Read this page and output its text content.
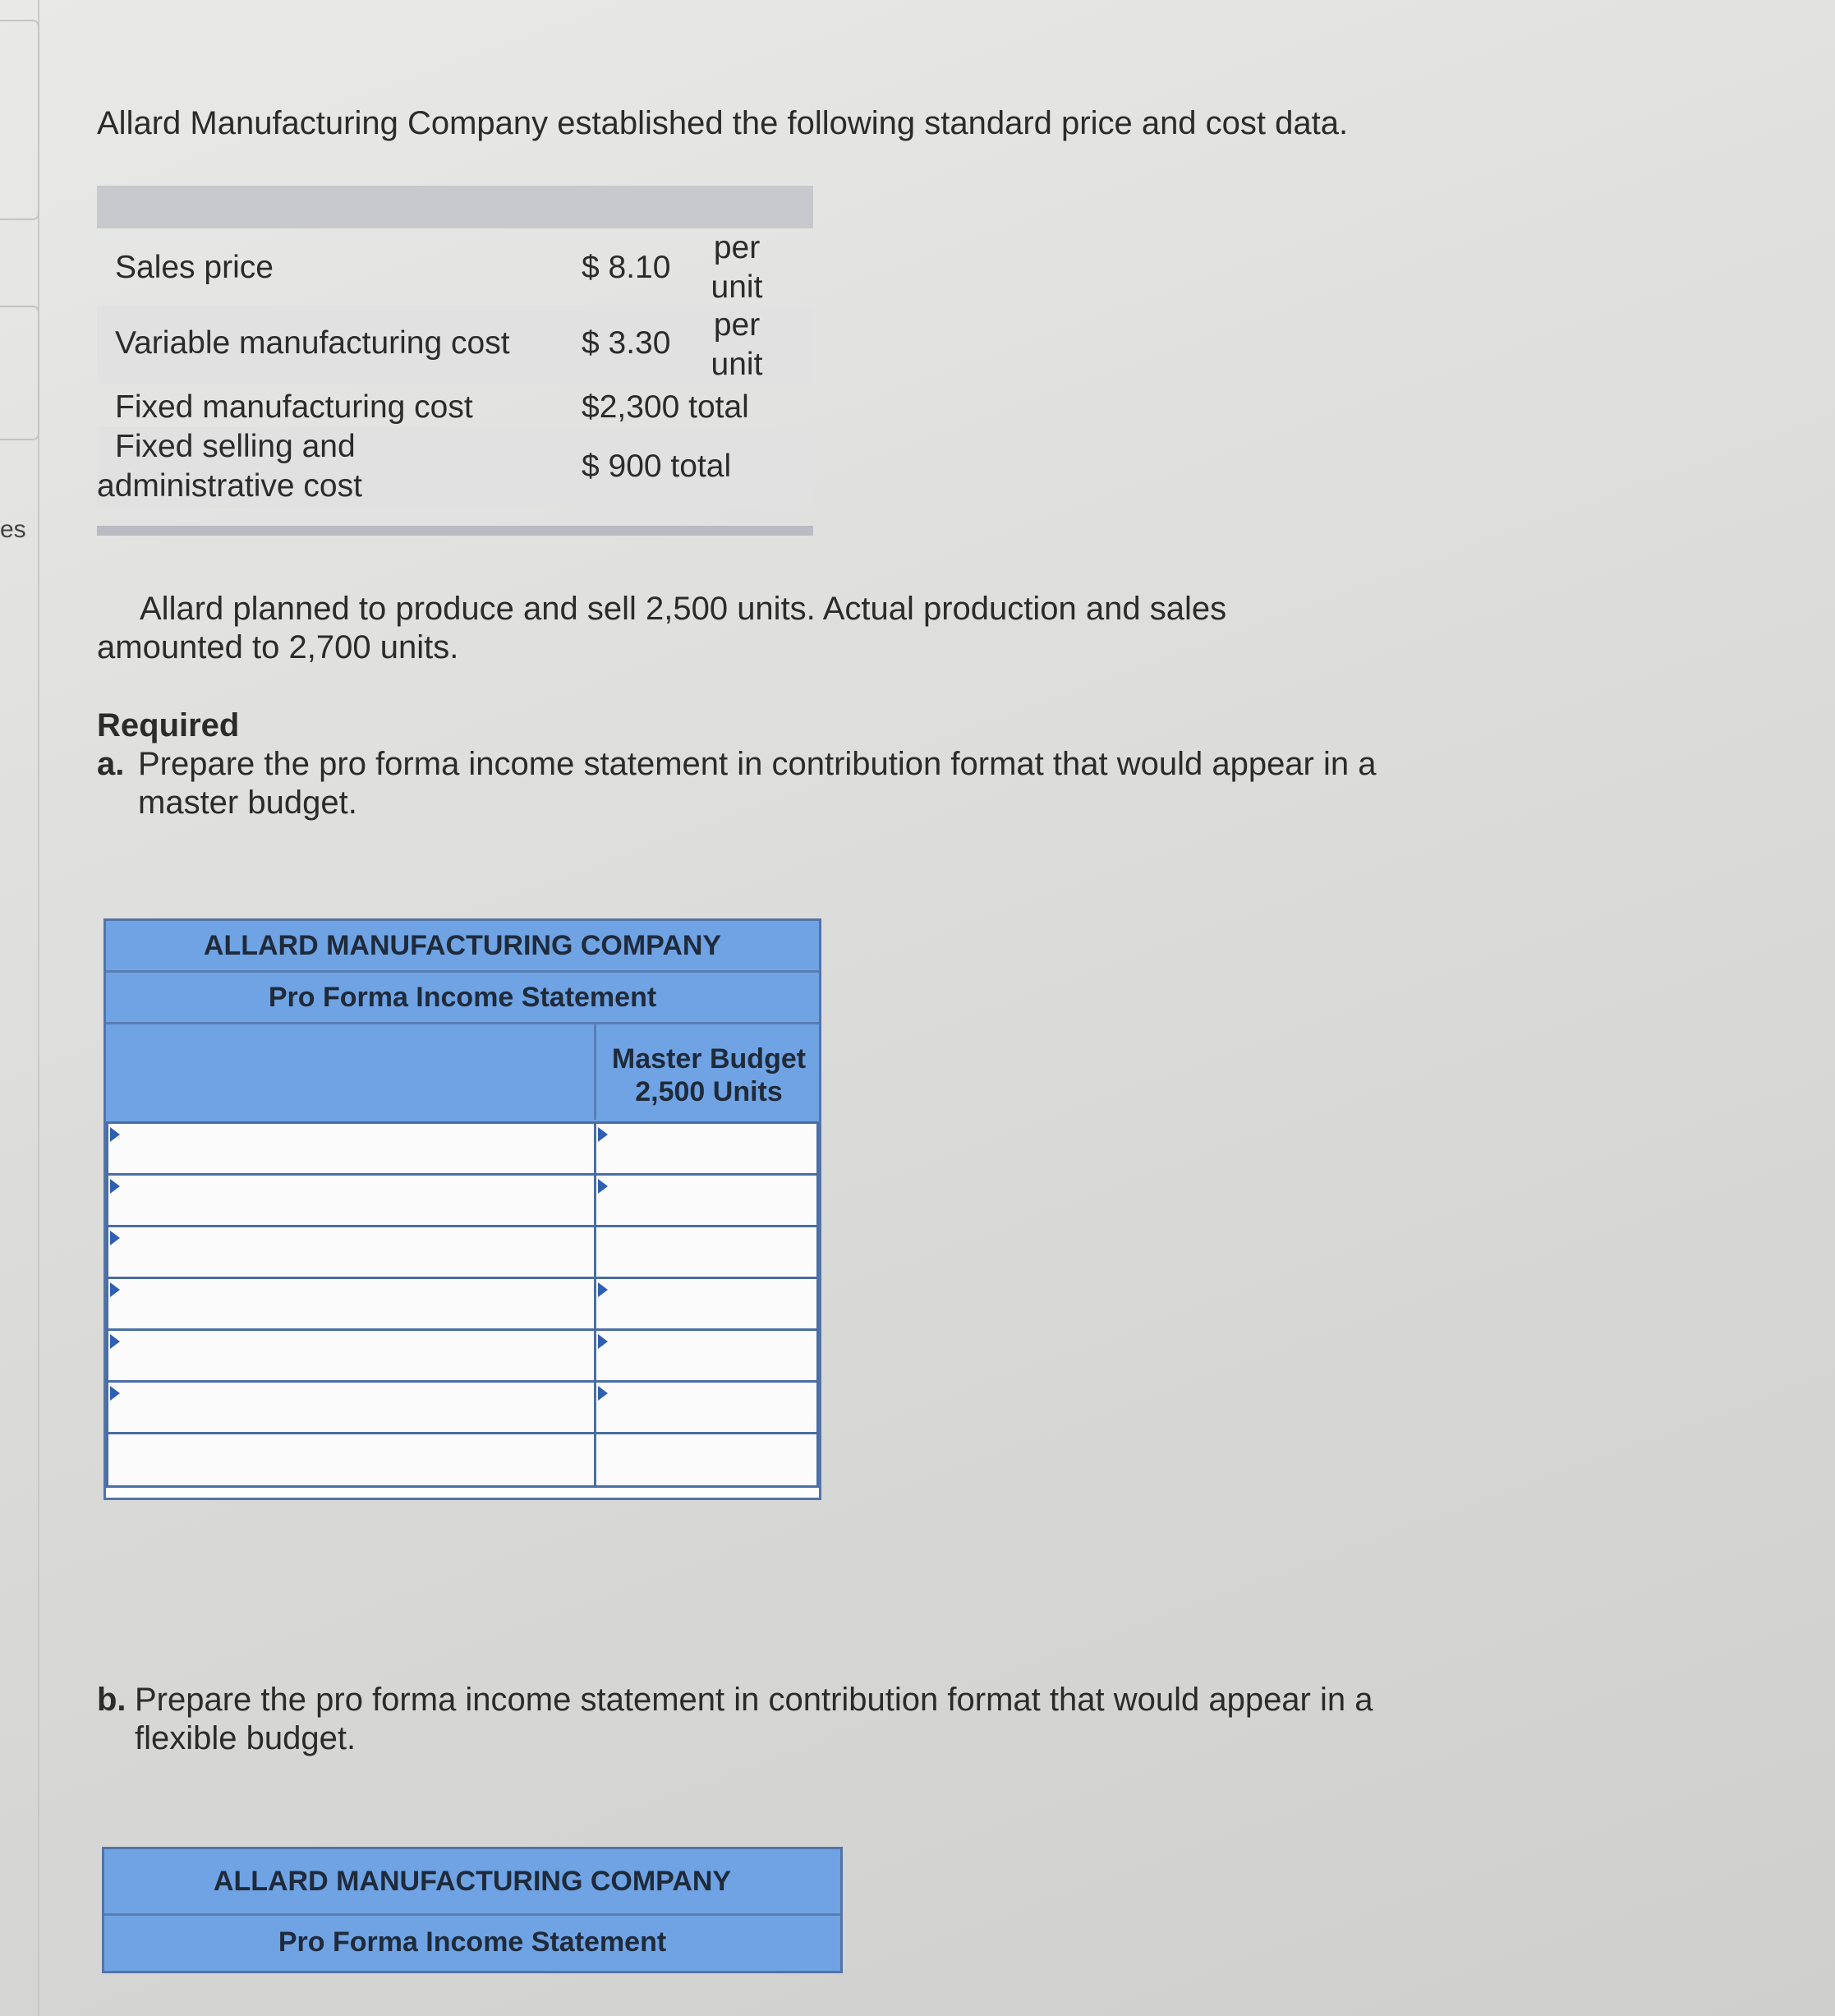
es
Allard Manufacturing Company established the following standard price and cost data.
Sales price	$ 8.10
per
unit
Variable manufacturing cost $ 3.30
per
unit
Fixed manufacturing cost	$2,300 total
Fixed selling and
administrative cost
$ 900 total
Allard planned to produce and sell 2,500 units. Actual production and sales
amounted to 2,700 units.
Required
a. Prepare the pro forma income statement in contribution format that would appear in a
master budget.
ALLARD MANUFACTURING COMPANY
Pro Forma Income Statement
Master Budget
2,500 Units
b. Prepare the pro forma income statement in contribution format that would appear in a
flexible budget.
ALLARD MANUFACTURING COMPANY
Pro Forma Income Statement
